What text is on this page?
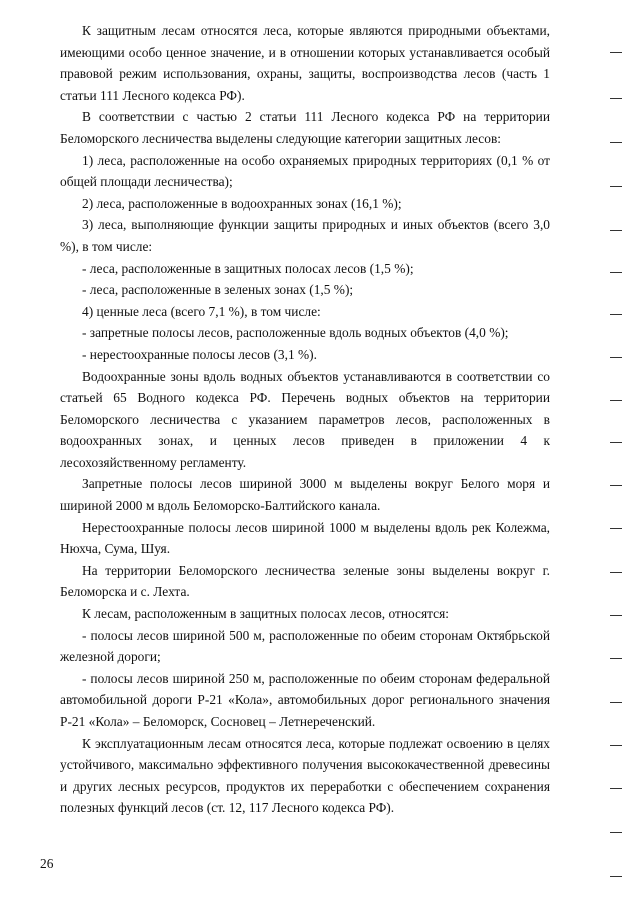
К защитным лесам относятся леса, которые являются природными объектами, имеющими особо ценное значение, и в отношении которых устанавливается особый правовой режим использования, охраны, защиты, воспроизводства лесов (часть 1 статьи 111 Лесного кодекса РФ).

В соответствии с частью 2 статьи 111 Лесного кодекса РФ на территории Беломорского лесничества выделены следующие категории защитных лесов:

1) леса, расположенные на особо охраняемых природных территориях (0,1 % от общей площади лесничества);

2) леса, расположенные в водоохранных зонах (16,1 %);

3) леса, выполняющие функции защиты природных и иных объектов (всего 3,0 %), в том числе:

- леса, расположенные в защитных полосах лесов (1,5 %);

- леса, расположенные в зеленых зонах (1,5 %);

4) ценные леса (всего 7,1 %), в том числе:

- запретные полосы лесов, расположенные вдоль водных объектов (4,0 %);

- нерестоохранные полосы лесов (3,1 %).

Водоохранные зоны вдоль водных объектов устанавливаются в соответствии со статьей 65 Водного кодекса РФ. Перечень водных объектов на территории Беломорского лесничества с указанием параметров лесов, расположенных в водоохранных зонах, и ценных лесов приведен в приложении 4 к лесохозяйственному регламенту.

Запретные полосы лесов шириной 3000 м выделены вокруг Белого моря и шириной 2000 м вдоль Беломорско-Балтийского канала.

Нерестоохранные полосы лесов шириной 1000 м выделены вдоль рек Колежма, Нюхча, Сума, Шуя.

На территории Беломорского лесничества зеленые зоны выделены вокруг г. Беломорска и с. Лехта.

К лесам, расположенным в защитных полосах лесов, относятся:

- полосы лесов шириной 500 м, расположенные по обеим сторонам Октябрьской железной дороги;

- полосы лесов шириной 250 м, расположенные по обеим сторонам федеральной автомобильной дороги Р-21 «Кола», автомобильных дорог регионального значения Р-21 «Кола» – Беломорск, Сосновец – Летнереченский.

К эксплуатационным лесам относятся леса, которые подлежат освоению в целях устойчивого, максимально эффективного получения высококачественной древесины и других лесных ресурсов, продуктов их переработки с обеспечением сохранения полезных функций лесов (ст. 12, 117 Лесного кодекса РФ).

26
